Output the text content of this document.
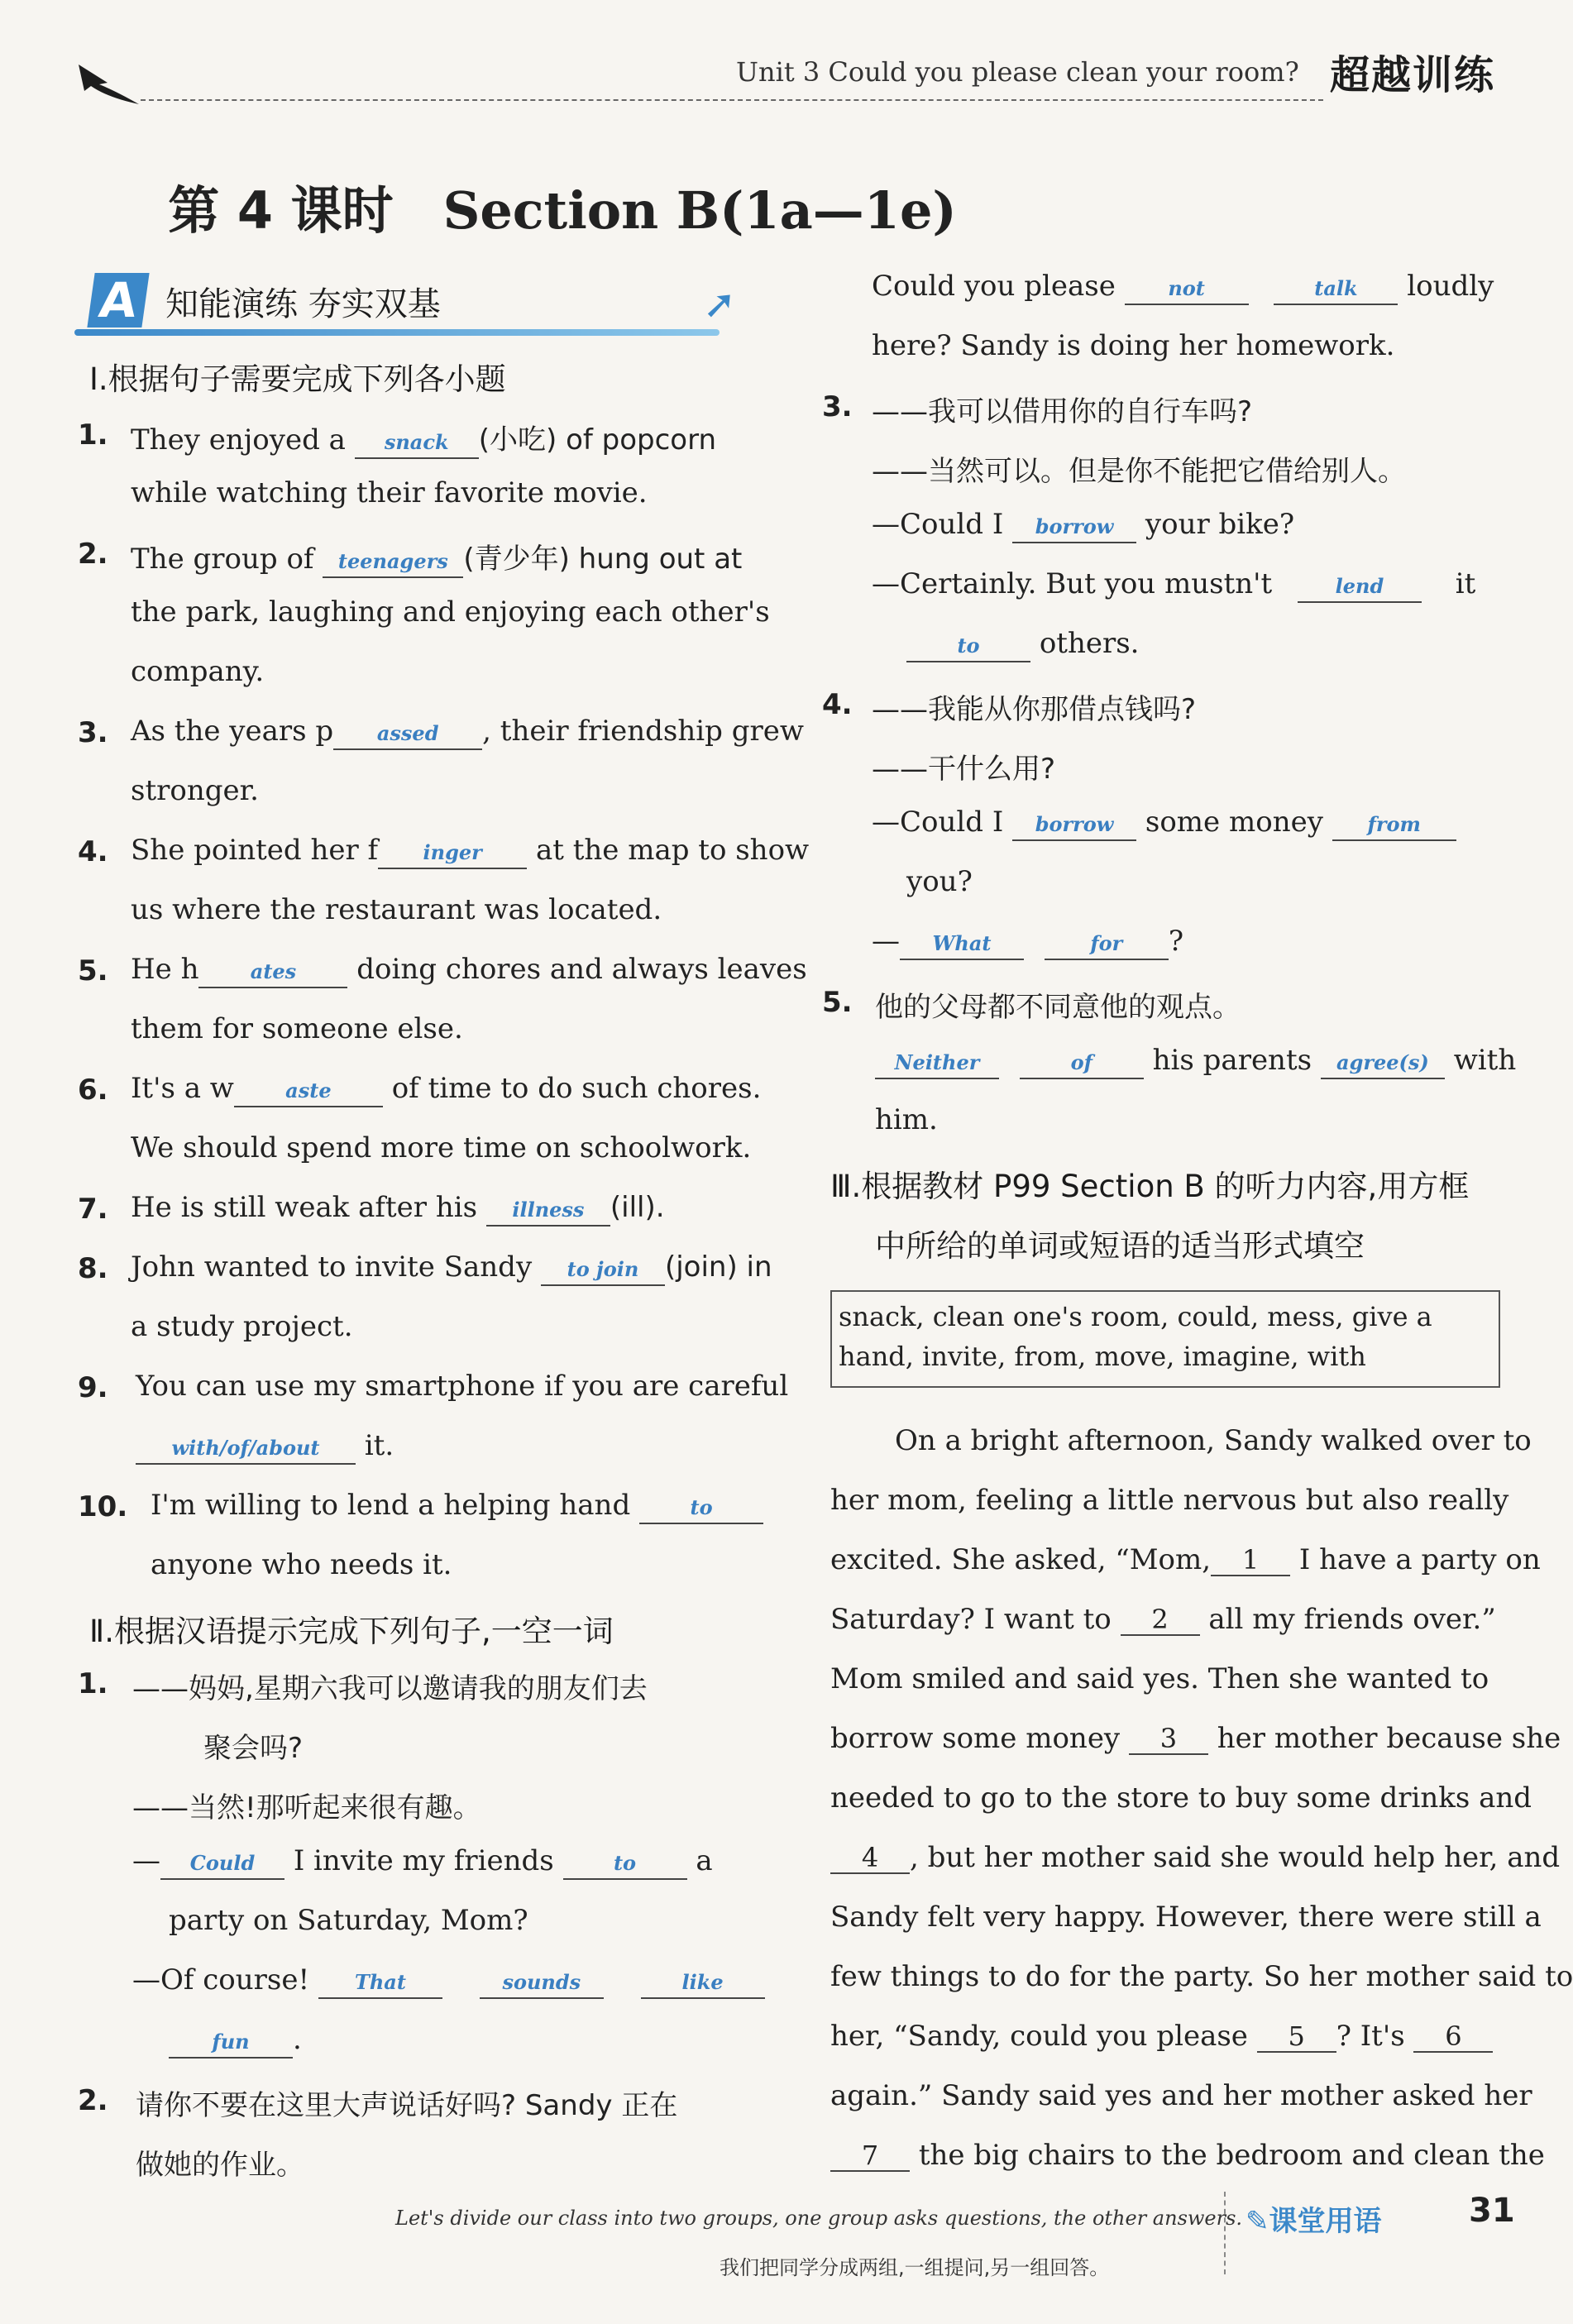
Unit 3 Could you please clean your room? 超越训练
第 4 课时 Section B(1a—1e)
A 知能演练 夯实双基	➚
Ⅰ.根据句子需要完成下列各小题
1. They enjoyed a snack (小吃) of popcorn
while watching their favorite movie.
2. The group of teenagers (青少年) hung out at
the park, laughing and enjoying each other's
company.
3. As the years p assed , their friendship grew
stronger.
4. She pointed her f inger at the map to show
us where the restaurant was located.
5. He h	ates doing chores and always leaves
them for someone else.
6. It's a w	aste of time to do such chores.
We should spend more time on schoolwork.
7. He is still weak after his illness (ill).
8. John wanted to invite Sandy to join (join) in
a study project.
9. You can use my smartphone if you are careful
with/of/about it.
10. I'm willing to lend a helping hand	to
anyone who needs it.
Ⅱ.根据汉语提示完成下列句子,一空一词
1. ——妈妈,星期六我可以邀请我的朋友们去
聚会吗?
——当然!那听起来很有趣。
— Could I invite my friends	to a
party on Saturday, Mom?
—Of course! That	sounds	like
fun .
2. 请你不要在这里大声说话好吗? Sandy 正在
做她的作业。
Could you please	not	talk loudly
here? Sandy is doing her homework.
3. ——我可以借用你的自行车吗?
——当然可以。但是你不能把它借给别人。
—Could I borrow your bike?
—Certainly. But you mustn't	lend	it
to others.
4. ——我能从你那借点钱吗?
——干什么用?
—Could I borrow some money from
you?
— What	for ?
5. 他的父母都不同意他的观点。
Neither	of his parents agree(s) with
him.
Ⅲ.根据教材 P99 Section B 的听力内容,用方框
中所给的单词或短语的适当形式填空
snack, clean one's room, could, mess, give a
hand, invite, from, move, imagine, with
On a bright afternoon, Sandy walked over to
her mom, feeling a little nervous but also really
excited. She asked, “Mom, 1 I have a party on
Saturday? I want to 2 all my friends over.”
Mom smiled and said yes. Then she wanted to
borrow some money 3 her mother because she
needed to go to the store to buy some drinks and
4 , but her mother said she would help her, and
Sandy felt very happy. However, there were still a
few things to do for the party. So her mother said to
her, “Sandy, could you please 5 ? It's 6
again.” Sandy said yes and her mother asked her
7 the big chairs to the bedroom and clean the
Let's divide our class into two groups, one group asks questions, the other answers. ✎课堂用语	31
我们把同学分成两组,一组提问,另一组回答。
